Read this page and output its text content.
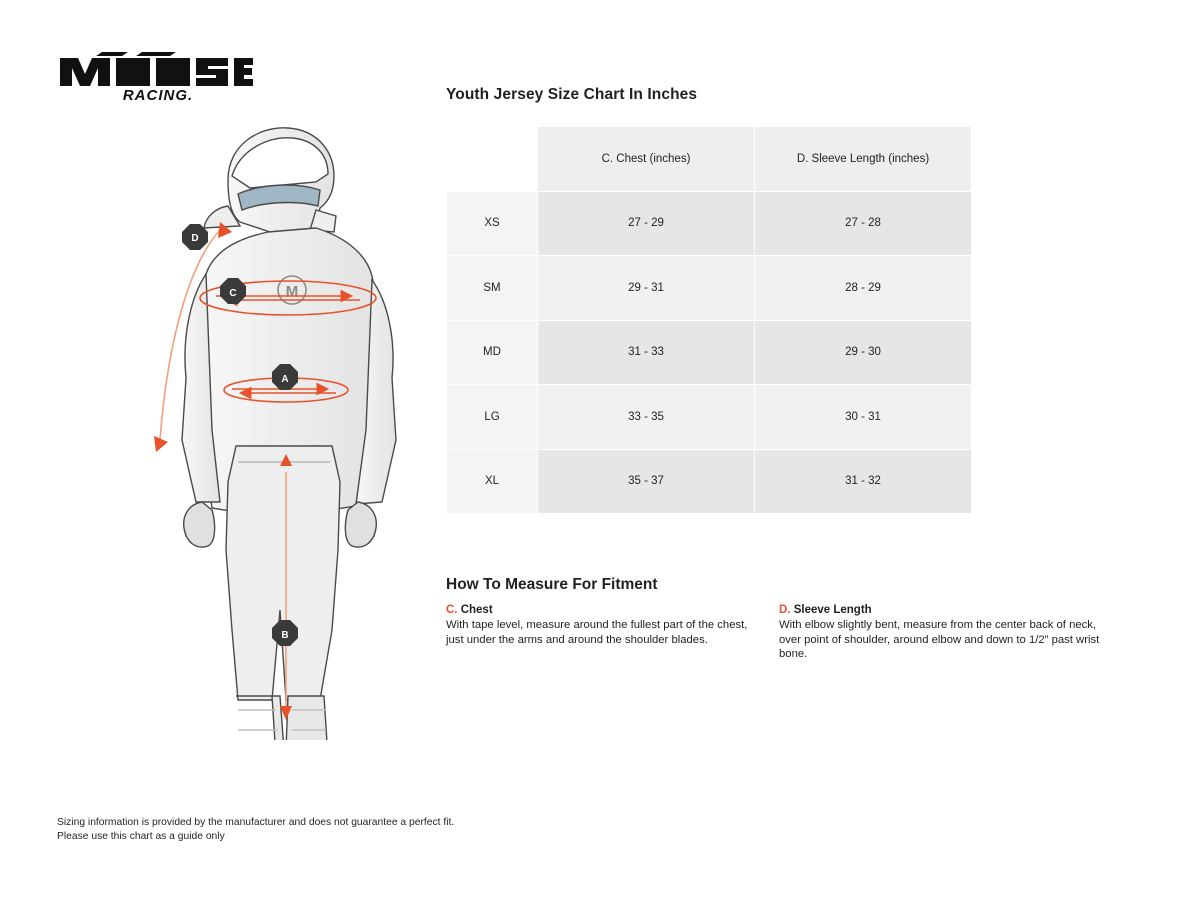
RACING.
M
D
C
A
B
Youth Jersey Size Chart In Inches
	C. Chest (inches)	D. Sleeve Length (inches)
XS	27 - 29	27 - 28
SM	29 - 31	28 - 29
MD	31 - 33	29 - 30
LG	33 - 35	30 - 31
XL	35 - 37	31 - 32
How To Measure For Fitment
C. Chest
With tape level, measure around the fullest part of the chest, just under the arms and around the shoulder blades.
D. Sleeve Length
With elbow slightly bent, measure from the center back of neck, over point of shoulder, around elbow and down to 1/2” past wrist bone.
Sizing information is provided by the manufacturer and does not guarantee a perfect fit.
Please use this chart as a guide only
